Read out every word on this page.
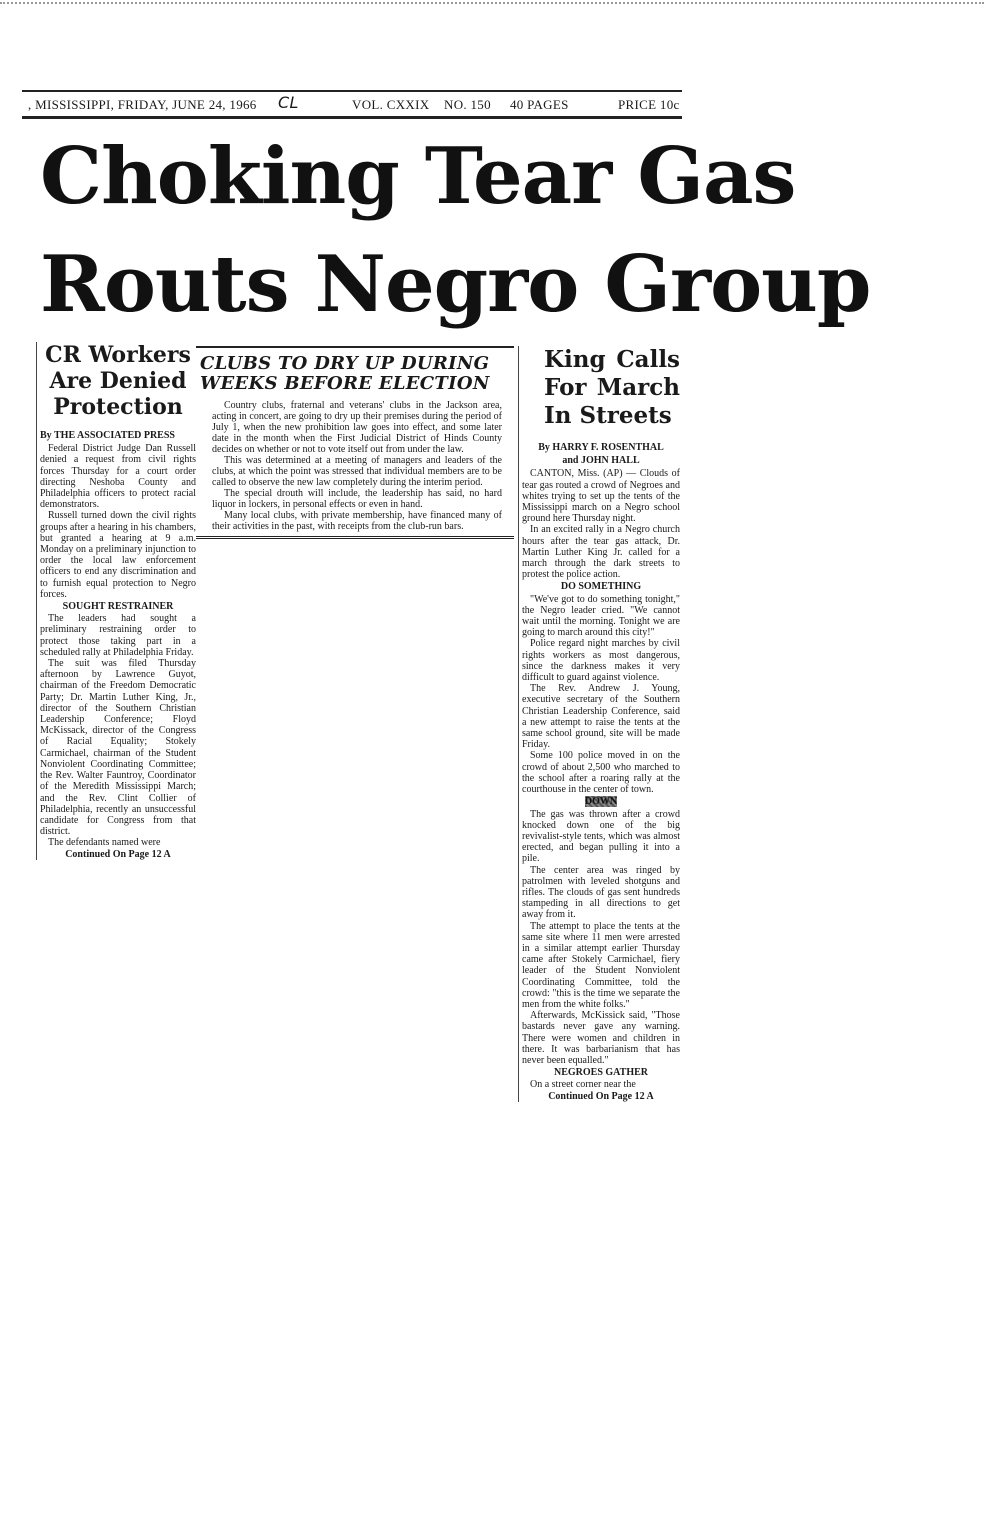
, MISSISSIPPI, FRIDAY, JUNE 24, 1966 CL	VOL. CXXIX NO. 150 40 PAGES	PRICE 10c
Choking Tear Gas
Routs Negro Group
CR Workers Are Denied Protection

By THE ASSOCIATED PRESS

Federal District Judge Dan Russell denied a request from civil rights forces Thursday for a court order directing Neshoba County and Philadelphia officers to protect racial demonstrators.

Russell turned down the civil rights groups after a hearing in his chambers, but granted a hearing at 9 a.m. Monday on a preliminary injunction to order the local law enforcement officers to end any discrimination and to furnish equal protection to Negro forces.

SOUGHT RESTRAINER

The leaders had sought a preliminary restraining order to protect those taking part in a scheduled rally at Philadelphia Friday.

The suit was filed Thursday afternoon by Lawrence Guyot, chairman of the Freedom Democratic Party; Dr. Martin Luther King, Jr., director of the Southern Christian Leadership Conference; Floyd McKissack, director of the Congress of Racial Equality; Stokely Carmichael, chairman of the Student Nonviolent Coordinating Committee; the Rev. Walter Fauntroy, Coordinator of the Meredith Mississippi March; and the Rev. Clint Collier of Philadelphia, recently an unsuccessful candidate for Congress from that district.

The defendants named were

Continued On Page 12 A

CLUBS TO DRY UP DURING WEEKS BEFORE ELECTION

Country clubs, fraternal and veterans' clubs in the Jackson area, acting in concert, are going to dry up their premises during the period of July 1, when the new prohibition law goes into effect, and some later date in the month when the First Judicial District of Hinds County decides on whether or not to vote itself out from under the law.

This was determined at a meeting of managers and leaders of the clubs, at which the point was stressed that individual members are to be called to observe the new law completely during the interim period.

The special drouth will include, the leadership has said, no hard liquor in lockers, in personal effects or even in hand.

Many local clubs, with private membership, have financed many of their activities in the past, with receipts from the club-run bars.

King Calls For March In Streets

By HARRY F. ROSENTHAL

and JOHN HALL

CANTON, Miss. (AP) — Clouds of tear gas routed a crowd of Negroes and whites trying to set up the tents of the Mississippi march on a Negro school ground here Thursday night.

In an excited rally in a Negro church hours after the tear gas attack, Dr. Martin Luther King Jr. called for a march through the dark streets to protest the police action.

DO SOMETHING

"We've got to do something tonight," the Negro leader cried. "We cannot wait until the morning. Tonight we are going to march around this city!"

Police regard night marches by civil rights workers as most dangerous, since the darkness makes it very difficult to guard against violence.

The Rev. Andrew J. Young, executive secretary of the Southern Christian Leadership Conference, said a new attempt to raise the tents at the same school ground, site will be made Friday.

Some 100 police moved in on the crowd of about 2,500 who marched to the school after a roaring rally at the courthouse in the center of town.

DOWN

The gas was thrown after a crowd knocked down one of the big revivalist-style tents, which was almost erected, and began pulling it into a pile.

The center area was ringed by patrolmen with leveled shotguns and rifles. The clouds of gas sent hundreds stampeding in all directions to get away from it.

The attempt to place the tents at the same site where 11 men were arrested in a similar attempt earlier Thursday came after Stokely Carmichael, fiery leader of the Student Nonviolent Coordinating Committee, told the crowd: "this is the time we separate the men from the white folks."

Afterwards, McKissick said, "Those bastards never gave any warning. There were women and children in there. It was barbarianism that has never been equalled."

NEGROES GATHER

On a street corner near the

Continued On Page 12 A
